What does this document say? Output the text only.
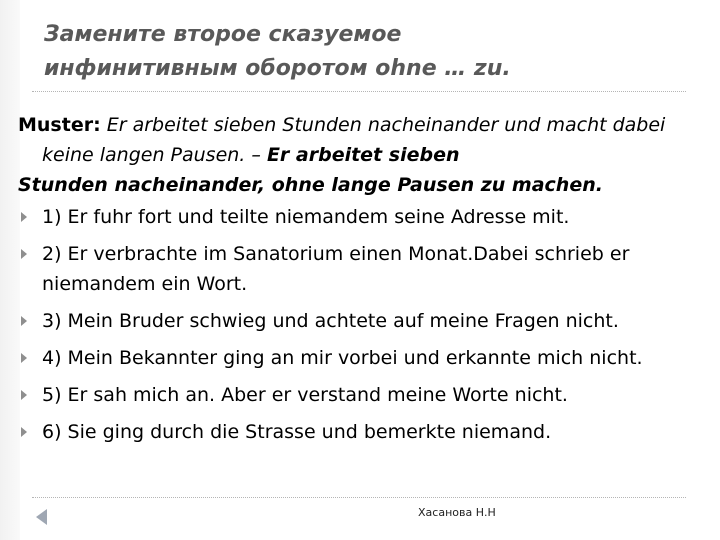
Замените второе сказуемое
инфинитивным оборотом ohne … zu.

Muster: Er arbeitet sieben Stunden nacheinander und macht dabei
keine langen Pausen. – Er arbeitet sieben
Stunden nacheinander, ohne lange Pausen zu machen.

1) Er fuhr fort und teilte niemandem seine Adresse mit.
2) Er verbrachte im Sanatorium einen Monat.Dabei schrieb er niemandem ein Wort.
3) Mein Bruder schwieg und achtete auf meine Fragen nicht.
4) Mein Bekannter ging an mir vorbei und erkannte mich nicht.
5) Er sah mich an. Aber er verstand meine Worte nicht.
6) Sie ging durch die Strasse und bemerkte niemand.
Хасанова Н.Н
